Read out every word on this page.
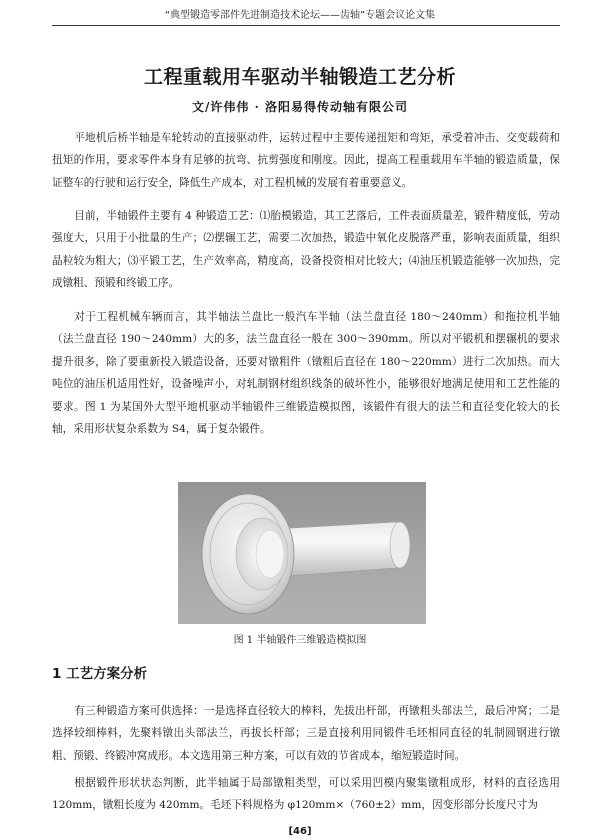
“典型锻造零部件先进制造技术论坛——齿轴”专题会议论文集
工程重载用车驱动半轴锻造工艺分析
文/许伟伟 · 洛阳易得传动轴有限公司

平地机后桥半轴是车轮转动的直接驱动件，运转过程中主要传递扭矩和弯矩，承受着冲击、交变载荷和扭矩的作用，要求零件本身有足够的抗弯、抗剪强度和刚度。因此，提高工程重载用车半轴的锻造质量，保证整车的行驶和运行安全，降低生产成本，对工程机械的发展有着重要意义。

目前，半轴锻件主要有 4 种锻造工艺：⑴胎模锻造，其工艺落后，工件表面质量差，锻件精度低，劳动强度大，只用于小批量的生产；⑵摆辗工艺，需要二次加热，锻造中氧化皮脱落严重，影响表面质量，组织晶粒较为粗大；⑶平锻工艺，生产效率高，精度高，设备投资相对比较大；⑷油压机锻造能够一次加热，完成镦粗、预锻和终锻工序。

对于工程机械车辆而言，其半轴法兰盘比一般汽车半轴（法兰盘直径 180～240mm）和拖拉机半轴（法兰盘直径 190～240mm）大的多，法兰盘直径一般在 300～390mm。所以对平锻机和摆辗机的要求提升很多，除了要重新投入锻造设备，还要对镦粗件（镦粗后直径在 180～220mm）进行二次加热。而大吨位的油压机适用性好，设备噪声小，对轧制钢材组织线条的破坏性小，能够很好地满足使用和工艺性能的要求。图 1 为某国外大型平地机驱动半轴锻件三维锻造模拟图，该锻件有很大的法兰和直径变化较大的长轴，采用形状复杂系数为 S4，属于复杂锻件。

图 1 半轴锻件三维锻造模拟图
1 工艺方案分析

有三种锻造方案可供选择：一是选择直径较大的棒料，先拔出杆部，再镦粗头部法兰，最后冲窝；二是选择较细棒料，先聚料镦出头部法兰，再拔长杆部；三是直接利用同锻件毛坯相同直径的轧制圆钢进行镦粗、预锻、终锻冲窝成形。本文选用第三种方案，可以有效的节省成本，缩短锻造时间。

根据锻件形状状态判断，此半轴属于局部镦粗类型，可以采用凹模内聚集镦粗成形，材料的直径选用 120mm，镦粗长度为 420mm。毛坯下料规格为 φ120mm×（760±2）mm，因变形部分长度尺寸为

[46]
